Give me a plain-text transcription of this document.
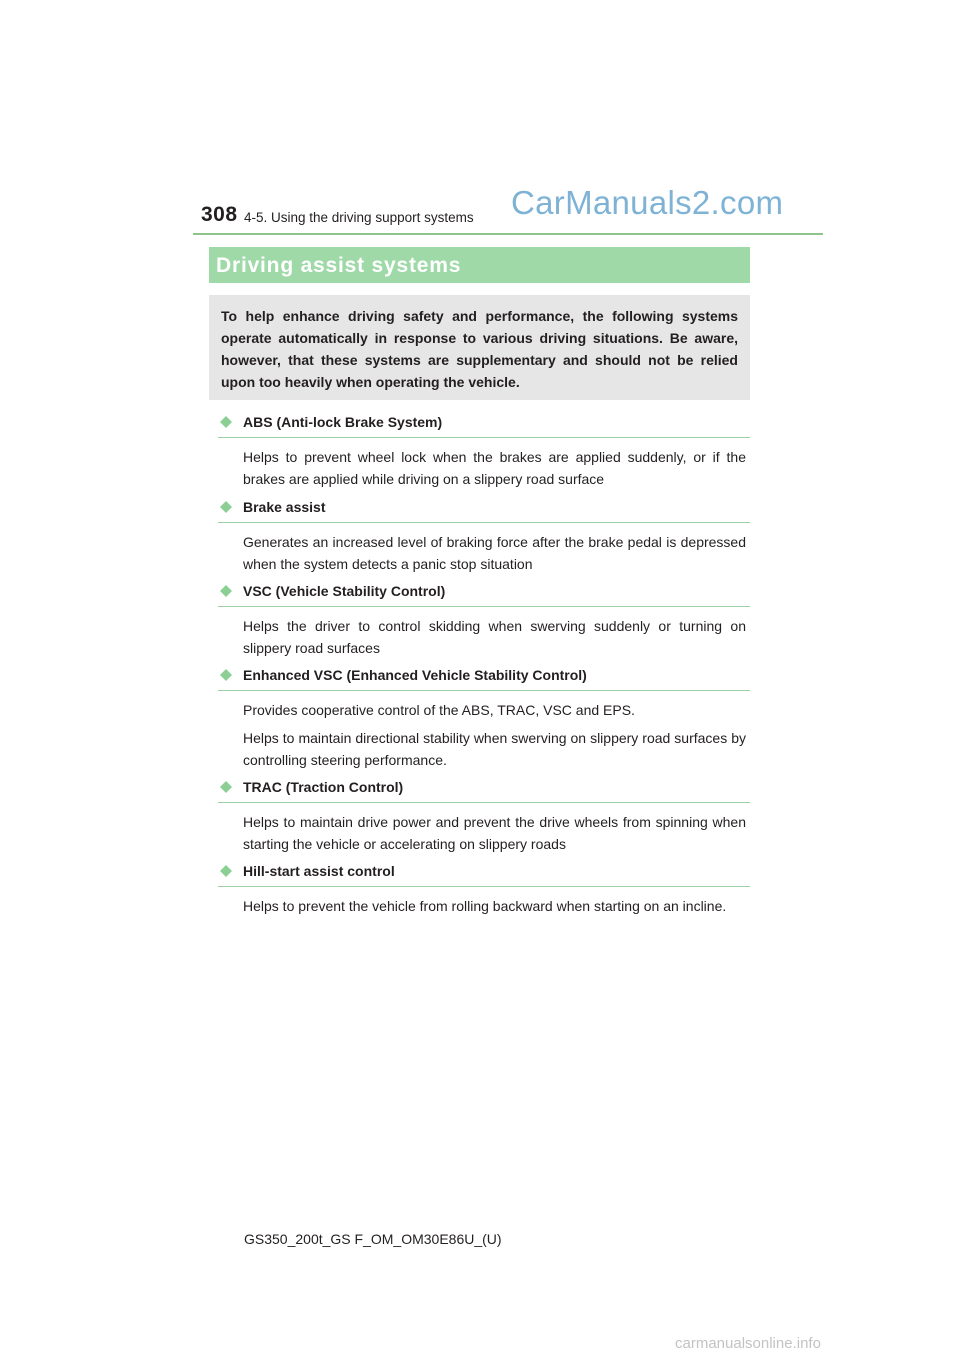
308 4-5. Using the driving support systems CarManuals2.com
Driving assist systems

To help enhance driving safety and performance, the following systems operate automatically in response to various driving situations. Be aware, however, that these systems are supplementary and should not be relied upon too heavily when operating the vehicle.

ABS (Anti-lock Brake System)

Helps to prevent wheel lock when the brakes are applied suddenly, or if the brakes are applied while driving on a slippery road surface

Brake assist

Generates an increased level of braking force after the brake pedal is depressed when the system detects a panic stop situation

VSC (Vehicle Stability Control)

Helps the driver to control skidding when swerving suddenly or turning on slippery road surfaces

Enhanced VSC (Enhanced Vehicle Stability Control)

Provides cooperative control of the ABS, TRAC, VSC and EPS.

Helps to maintain directional stability when swerving on slippery road surfaces by controlling steering performance.

TRAC (Traction Control)

Helps to maintain drive power and prevent the drive wheels from spinning when starting the vehicle or accelerating on slippery roads

Hill-start assist control

Helps to prevent the vehicle from rolling backward when starting on an incline.

GS350_200t_GS F_OM_OM30E86U_(U)
carmanualsonline.info
